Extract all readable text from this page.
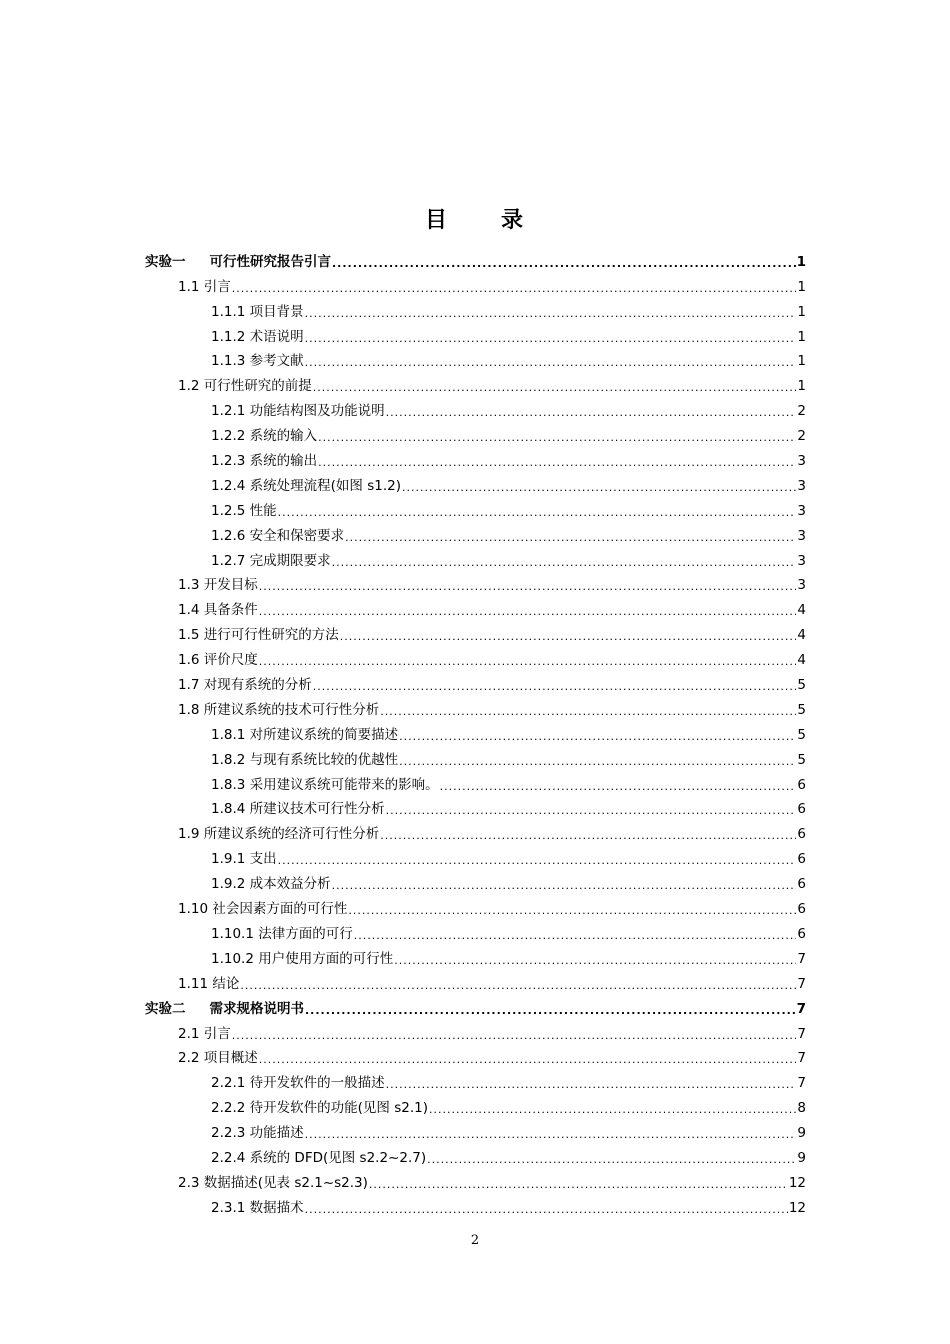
目 录
实验一 可行性研究报告引言 .....	1
1.1 引言 .....	1
1.1.1 项目背景 .....	1
1.1.2 术语说明 .....	1
1.1.3 参考文献 .....	1
1.2 可行性研究的前提 .....	1
1.2.1 功能结构图及功能说明 .....	2
1.2.2 系统的输入 .....	2
1.2.3 系统的输出 .....	3
1.2.4 系统处理流程(如图 s1.2) .....	3
1.2.5 性能 .....	3
1.2.6 安全和保密要求 .....	3
1.2.7 完成期限要求 .....	3
1.3 开发目标 .....	3
1.4 具备条件 .....	4
1.5 进行可行性研究的方法 .....	4
1.6 评价尺度 .....	4
1.7 对现有系统的分析 .....	5
1.8 所建议系统的技术可行性分析 .....	5
1.8.1 对所建议系统的简要描述 .....	5
1.8.2 与现有系统比较的优越性 .....	5
1.8.3 采用建议系统可能带来的影响。 .....	6
1.8.4 所建议技术可行性分析 .....	6
1.9 所建议系统的经济可行性分析 .....	6
1.9.1 支出 .....	6
1.9.2 成本效益分析 .....	6
1.10 社会因素方面的可行性 .....	6
1.10.1 法律方面的可行 .....	6
1.10.2 用户使用方面的可行性 .....	7
1.11 结论 .....	7
实验二 需求规格说明书 .....	7
2.1 引言 .....	7
2.2 项目概述 .....	7
2.2.1 待开发软件的一般描述 .....	7
2.2.2 待开发软件的功能(见图 s2.1) .....	8
2.2.3 功能描述 .....	9
2.2.4 系统的 DFD(见图 s2.2~2.7) .....	9
2.3 数据描述(见表 s2.1~s2.3) .....	12
2.3.1 数据描术 .....	12
2
